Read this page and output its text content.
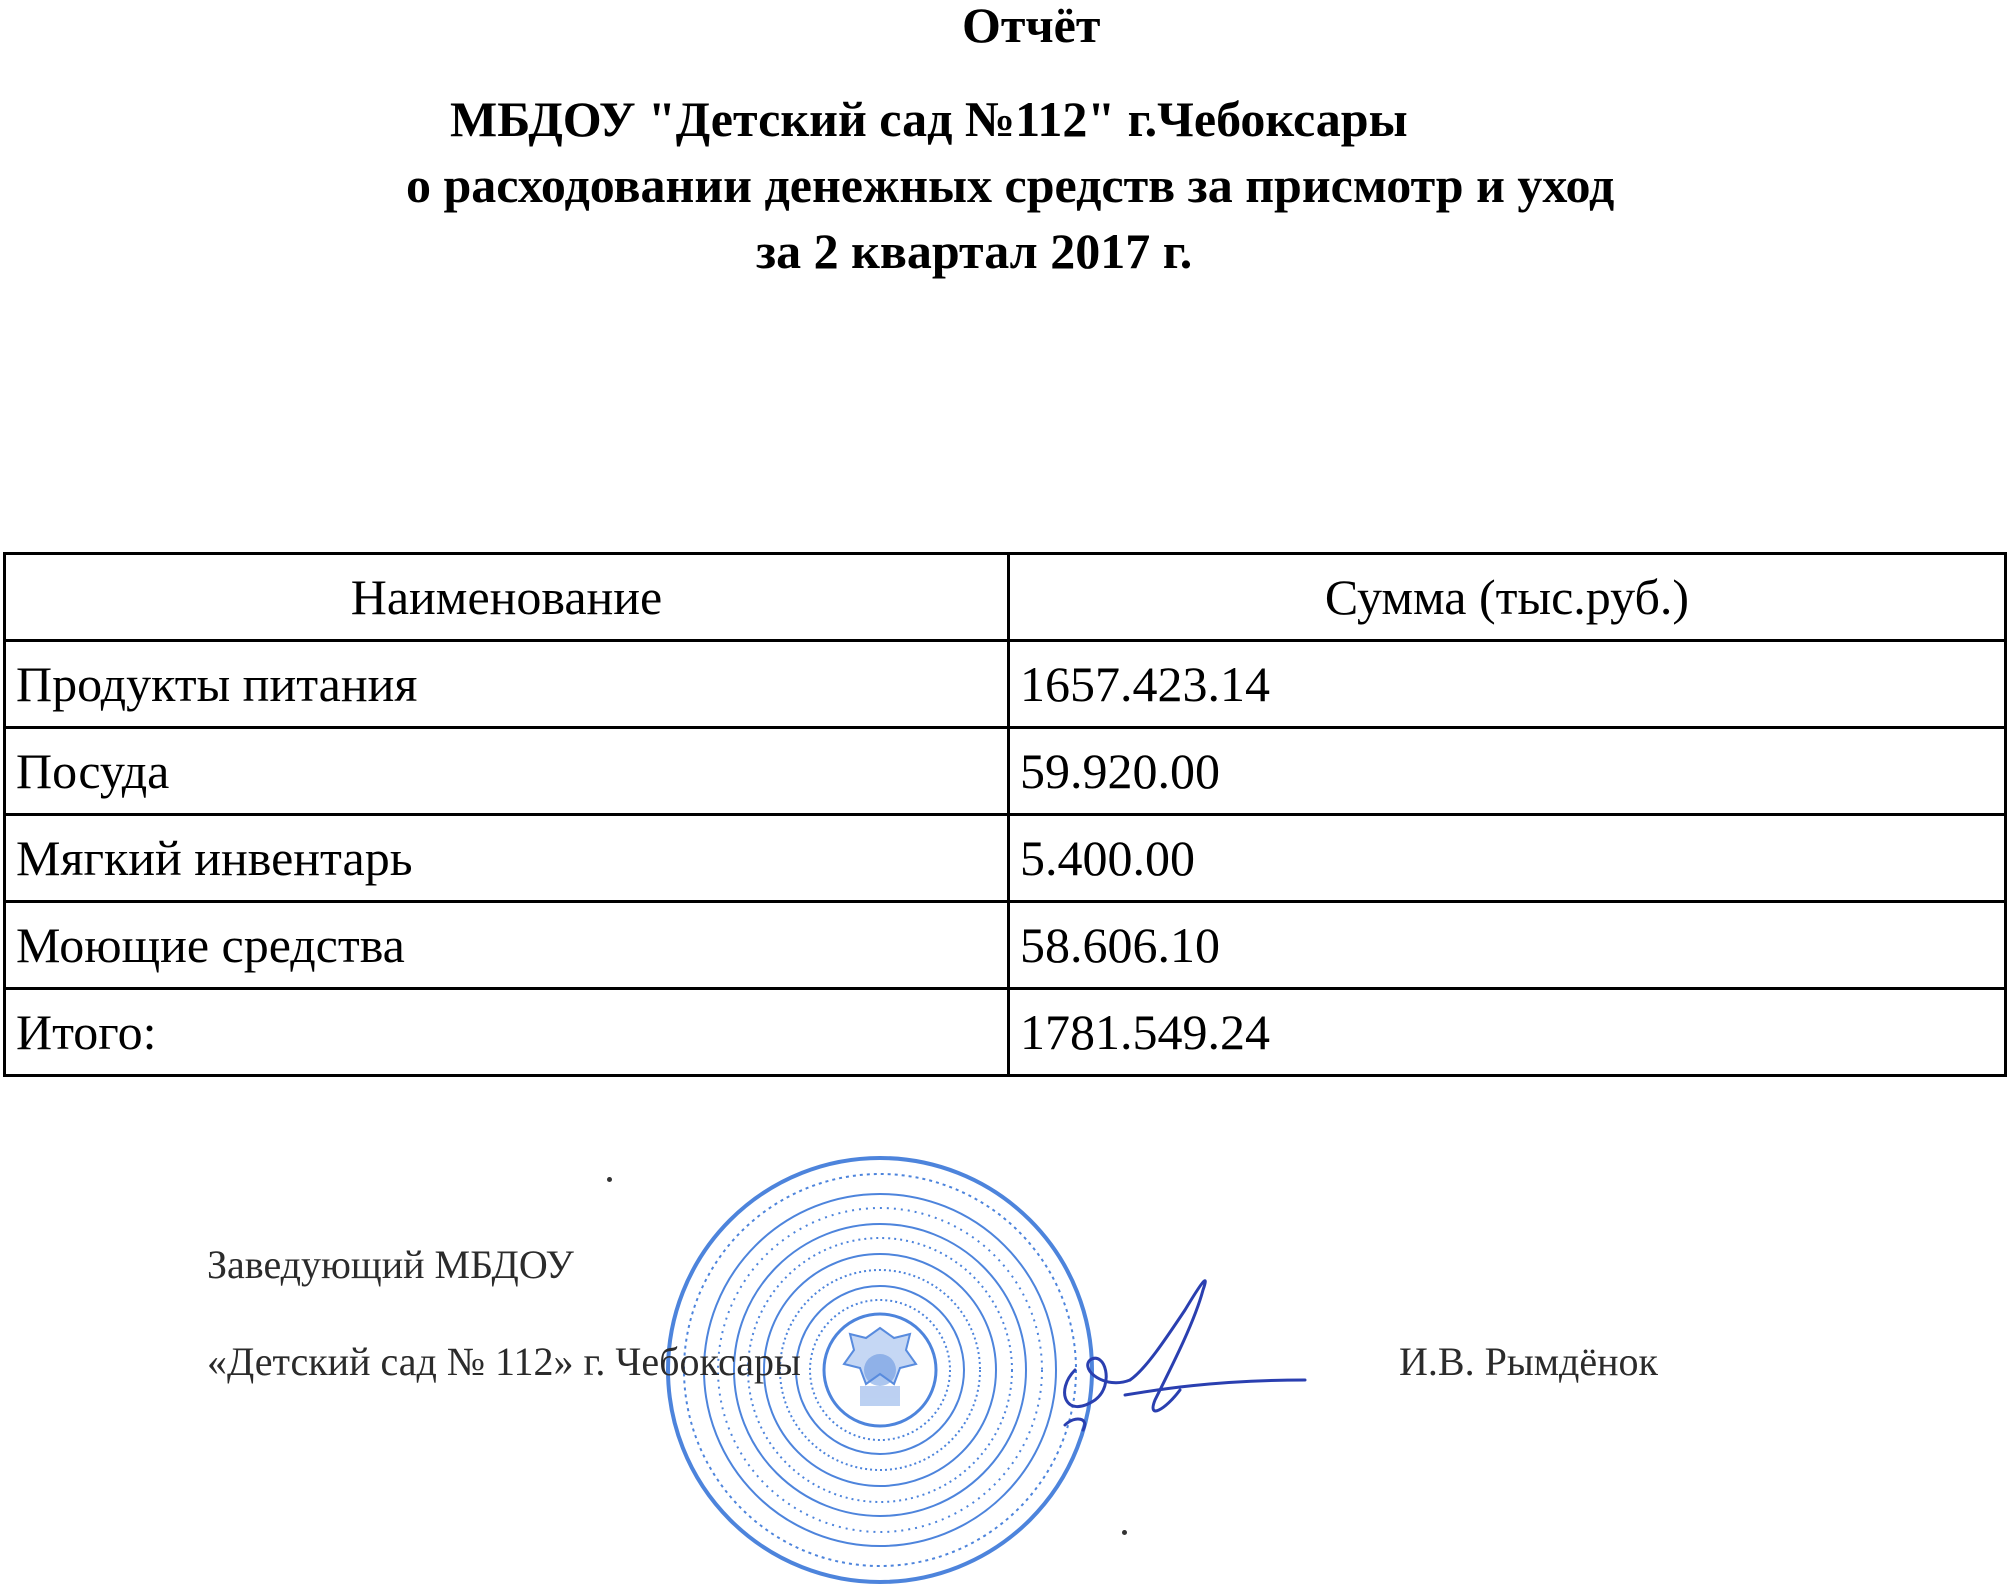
Отчёт
МБДОУ "Детский сад №112" г.Чебоксары
о расходовании денежных средств за присмотр и уход
за 2 квартал 2017 г.
Наименование	Сумма (тыс.руб.)
Продукты питания	1657.423.14
Посуда	59.920.00
Мягкий инвентарь	5.400.00
Моющие средства	58.606.10
Итого:	1781.549.24
Заведующий МБДОУ
«Детский сад № 112» г. Чебоксары	И.В. Рымдёнок
